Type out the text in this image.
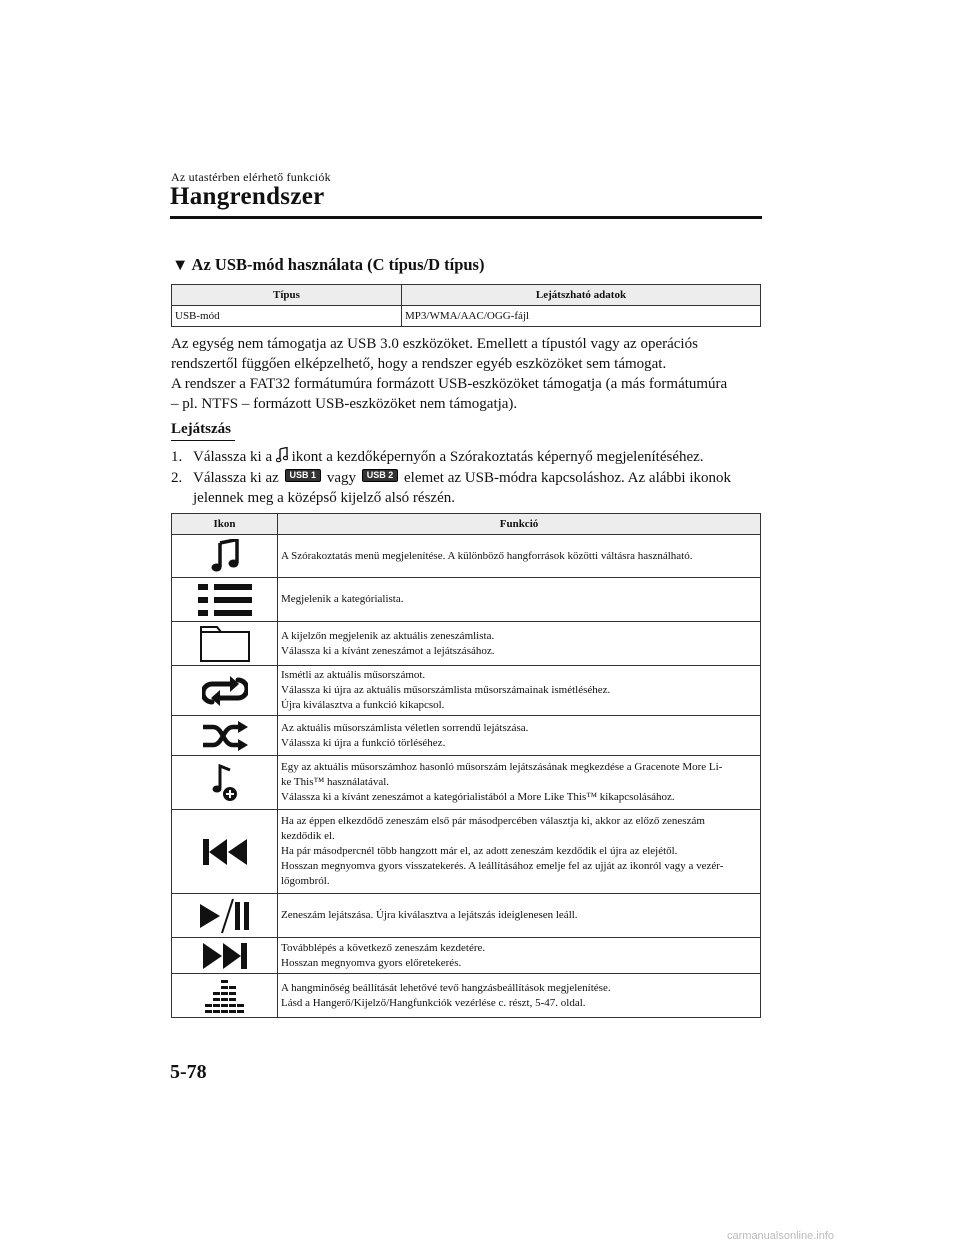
Az utastérben elérhető funkciók
Hangrendszer
▼ Az USB-mód használata (C típus/D típus)
Típus	Lejátszható adatok
USB-mód	MP3/WMA/AAC/OGG-fájl

Az egység nem támogatja az USB 3.0 eszközöket. Emellett a típustól vagy az operációs

rendszertől függően elképzelhető, hogy a rendszer egyéb eszközöket sem támogat.

A rendszer a FAT32 formátumúra formázott USB-eszközöket támogatja (a más formátumúra

– pl. NTFS – formázott USB-eszközöket nem támogatja).

Lejátszás
1. Válassza ki a ikont a kezdőképernyőn a Szórakoztatás képernyő megjelenítéséhez.
2. Válassza ki az USB 1 vagy USB 2 elemet az USB-módra kapcsoláshoz. Az alábbi ikonok
jelennek meg a középső kijelző alsó részén.
Ikon	Funkció

A Szórakoztatás menü megjelenítése. A különböző hangforrások közötti váltásra használható.

Megjelenik a kategórialista.

A kijelzőn megjelenik az aktuális zeneszámlista.
Válassza ki a kívánt zeneszámot a lejátszásához.

Ismétli az aktuális műsorszámot.
Válassza ki újra az aktuális műsorszámlista műsorszámainak ismétléséhez.
Újra kiválasztva a funkció kikapcsol.

Az aktuális műsorszámlista véletlen sorrendű lejátszása.
Válassza ki újra a funkció törléséhez.

Egy az aktuális műsorszámhoz hasonló műsorszám lejátszásának megkezdése a Gracenote More Li-
ke This™ használatával.
Válassza ki a kívánt zeneszámot a kategórialistából a More Like This™ kikapcsolásához.

Ha az éppen elkezdődő zeneszám első pár másodpercében választja ki, akkor az előző zeneszám
kezdődik el.
Ha pár másodpercnél több hangzott már el, az adott zeneszám kezdődik el újra az elejétől.
Hosszan megnyomva gyors visszatekerés. A leállításához emelje fel az ujját az ikonról vagy a vezér-
lőgombról.

Zeneszám lejátszása. Újra kiválasztva a lejátszás ideiglenesen leáll.

Továbblépés a következő zeneszám kezdetére.
Hosszan megnyomva gyors előretekerés.

A hangminőség beállítását lehetővé tevő hangzásbeállítások megjelenítése.
Lásd a Hangerő/Kijelző/Hangfunkciók vezérlése c. részt, 5-47. oldal.
5-78
carmanualsonline.info
